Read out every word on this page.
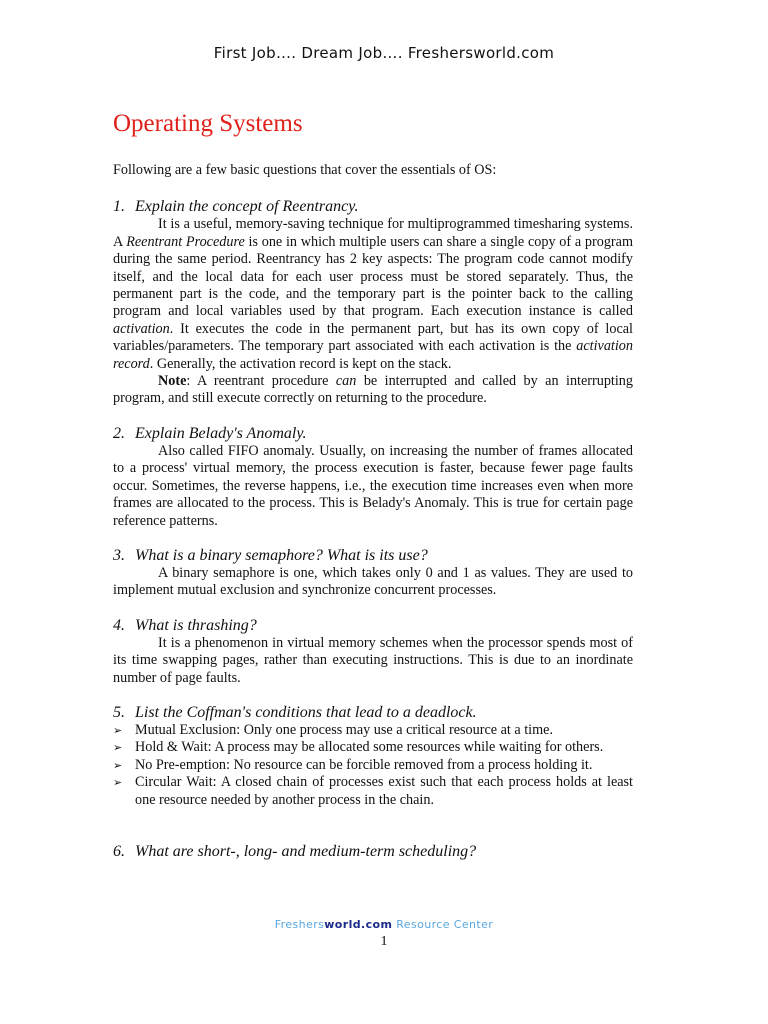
First Job…. Dream Job…. Freshersworld.com
Operating Systems

Following are a few basic questions that cover the essentials of OS:

1. Explain the concept of Reentrancy.

It is a useful, memory-saving technique for multiprogrammed timesharing systems. A Reentrant Procedure is one in which multiple users can share a single copy of a program during the same period. Reentrancy has 2 key aspects: The program code cannot modify itself, and the local data for each user process must be stored separately. Thus, the permanent part is the code, and the temporary part is the pointer back to the calling program and local variables used by that program. Each execution instance is called activation. It executes the code in the permanent part, but has its own copy of local variables/parameters. The temporary part associated with each activation is the activation record. Generally, the activation record is kept on the stack.

Note: A reentrant procedure can be interrupted and called by an interrupting program, and still execute correctly on returning to the procedure.

2. Explain Belady's Anomaly.

Also called FIFO anomaly. Usually, on increasing the number of frames allocated to a process' virtual memory, the process execution is faster, because fewer page faults occur. Sometimes, the reverse happens, i.e., the execution time increases even when more frames are allocated to the process. This is Belady's Anomaly. This is true for certain page reference patterns.

3. What is a binary semaphore? What is its use?

A binary semaphore is one, which takes only 0 and 1 as values. They are used to implement mutual exclusion and synchronize concurrent processes.

4. What is thrashing?

It is a phenomenon in virtual memory schemes when the processor spends most of its time swapping pages, rather than executing instructions. This is due to an inordinate number of page faults.

5. List the Coffman's conditions that lead to a deadlock.
➢ Mutual Exclusion: Only one process may use a critical resource at a time.
➢ Hold & Wait: A process may be allocated some resources while waiting for others.
➢ No Pre-emption: No resource can be forcible removed from a process holding it.
➢ Circular Wait: A closed chain of processes exist such that each process holds at least one resource needed by another process in the chain.
6. What are short-, long- and medium-term scheduling?
Freshersworld.com Resource Center
1
